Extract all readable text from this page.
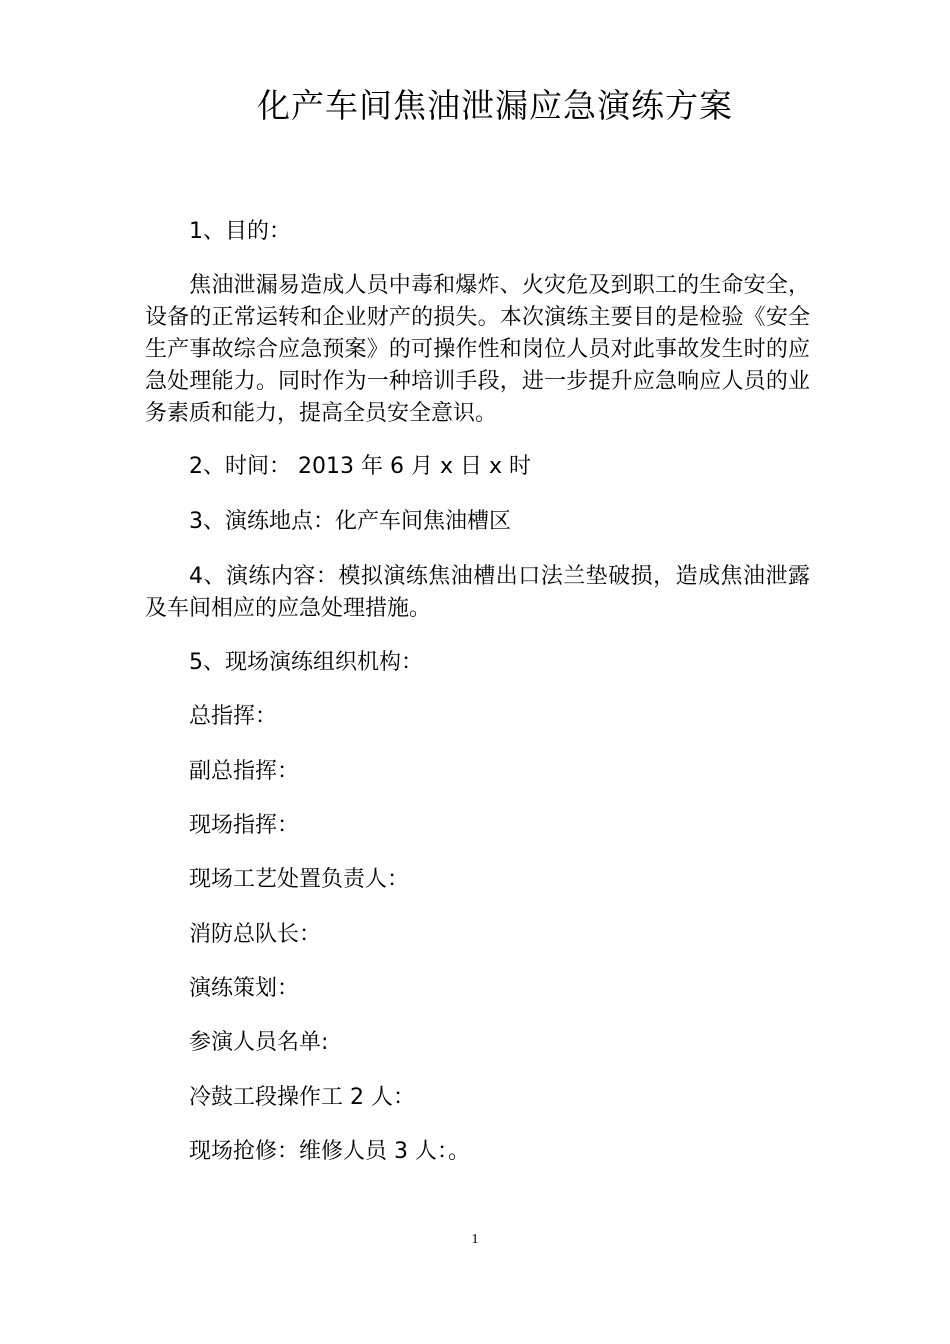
化产车间焦油泄漏应急演练方案
1、目的：
焦油泄漏易造成人员中毒和爆炸、火灾危及到职工的生命安全，设备的正常运转和企业财产的损失。本次演练主要目的是检验《安全生产事故综合应急预案》的可操作性和岗位人员对此事故发生时的应急处理能力。同时作为一种培训手段，进一步提升应急响应人员的业务素质和能力，提高全员安全意识。
2、时间： 2013 年 6 月 x 日 x 时
3、演练地点：化产车间焦油槽区
4、演练内容：模拟演练焦油槽出口法兰垫破损，造成焦油泄露及车间相应的应急处理措施。
5、现场演练组织机构：
总指挥：
副总指挥：
现场指挥：
现场工艺处置负责人：
消防总队长：
演练策划：
参演人员名单:
冷鼓工段操作工 2 人：
现场抢修：维修人员 3 人：。
1
